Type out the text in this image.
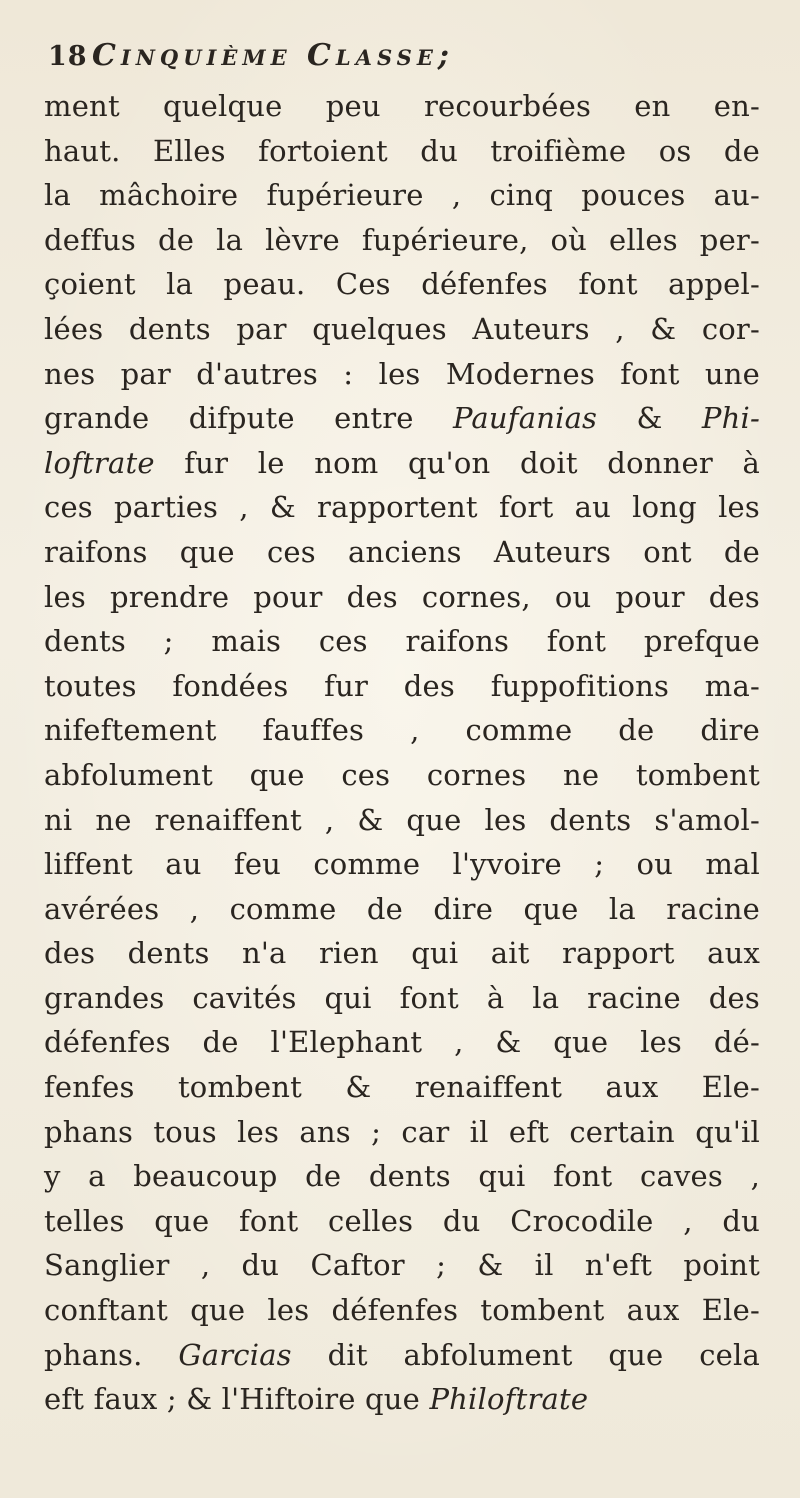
18 Cinquième Classe;
ment quelque peu recourbées en en-
haut. Elles fortoient du troifième os de
la mâchoire fupérieure , cinq pouces au-
deffus de la lèvre fupérieure, où elles per-
çoient la peau. Ces défenfes font appel-
lées dents par quelques Auteurs , & cor-
nes par d'autres : les Modernes font une
grande difpute entre Paufanias & Phi-
loftrate fur le nom qu'on doit donner à
ces parties , & rapportent fort au long les
raifons que ces anciens Auteurs ont de
les prendre pour des cornes, ou pour des
dents ; mais ces raifons font prefque
toutes fondées fur des fuppofitions ma-
nifeftement fauffes , comme de dire
abfolument que ces cornes ne tombent
ni ne renaiffent , & que les dents s'amol-
liffent au feu comme l'yvoire ; ou mal
avérées , comme de dire que la racine
des dents n'a rien qui ait rapport aux
grandes cavités qui font à la racine des
défenfes de l'Elephant , & que les dé-
fenfes tombent & renaiffent aux Ele-
phans tous les ans ; car il eft certain qu'il
y a beaucoup de dents qui font caves ,
telles que font celles du Crocodile , du
Sanglier , du Caftor ; & il n'eft point
conftant que les défenfes tombent aux Ele-
phans. Garcias dit abfolument que cela
eft faux ; & l'Hiftoire que Philoftrate
